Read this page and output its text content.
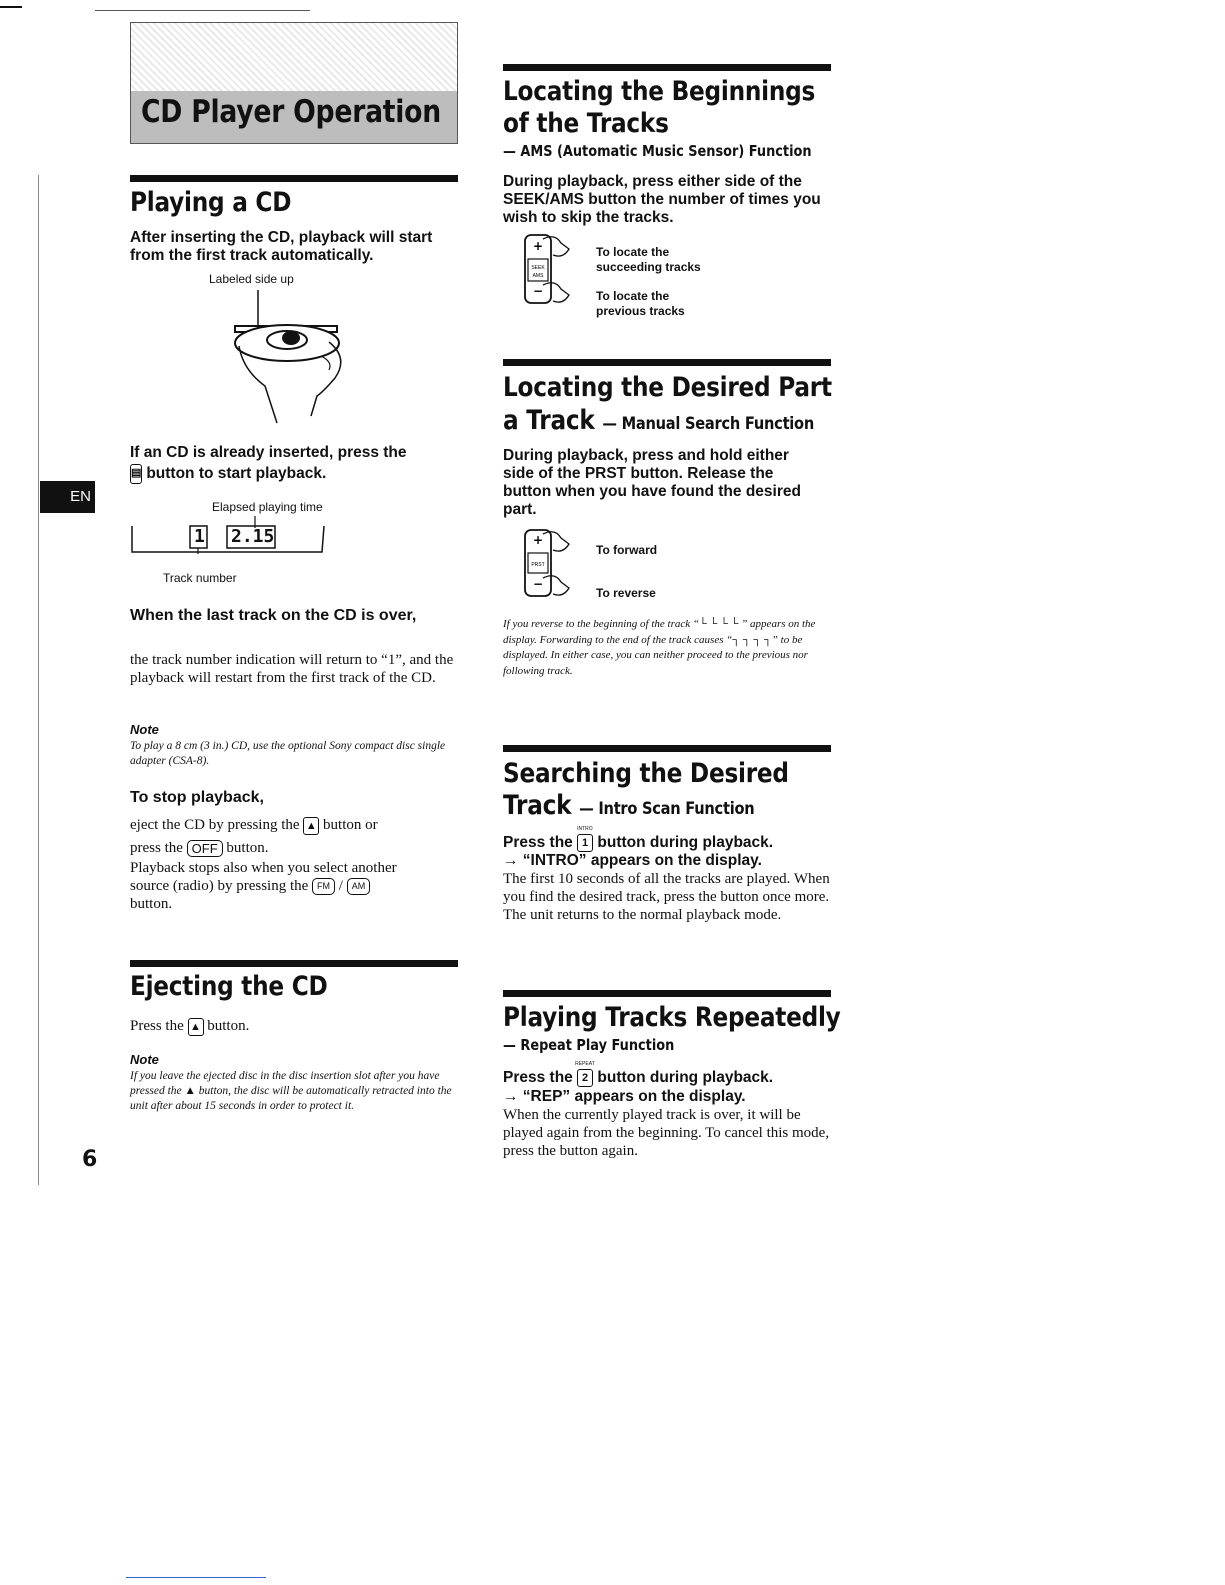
EN
CD Player Operation
Playing a CD
After inserting the CD, playback will start from the first track automatically.
Labeled side up
If an CD is already inserted, press the
▤ button to start playback.
Elapsed playing time
1 2.15
Track number
When the last track on the CD is over,
the track number indication will return to “1”, and the playback will restart from the first track of the CD.
Note
To play a 8 cm (3 in.) CD, use the optional Sony compact disc single adapter (CSA-8).
To stop playback,
eject the CD by pressing the ▲ button or
press the OFF button.
Playback stops also when you select another
source (radio) by pressing the FM / AM
button.
Ejecting the CD
Press the ▲ button.
Note
If you leave the ejected disc in the disc insertion slot after you have pressed the ▲ button, the disc will be automatically retracted into the unit after about 15 seconds in order to protect it.
6
Locating the Beginnings
of the Tracks
— AMS (Automatic Music Sensor) Function
During playback, press either side of the SEEK/AMS button the number of times you wish to skip the tracks.
+
−
SEEK
AMS
To locate the
succeeding tracks
To locate the
previous tracks
Locating the Desired Part
a Track — Manual Search Function
During playback, press and hold either side of the PRST button. Release the button when you have found the desired part.
+
−
PRST
To forward
To reverse
If you reverse to the beginning of the track “└ └ └ └ ” appears on the display. Forwarding to the end of the track causes “┐ ┐ ┐ ┐” to be displayed. In either case, you can neither proceed to the previous nor following track.
Searching the Desired
Track — Intro Scan Function
Press the
INTRO
1 button during playback.
→ “INTRO” appears on the display.
The first 10 seconds of all the tracks are played. When you find the desired track, press the button once more. The unit returns to the normal playback mode.
Playing Tracks Repeatedly
— Repeat Play Function
Press the
REPEAT
2 button during playback.
→ “REP” appears on the display.
When the currently played track is over, it will be played again from the beginning. To cancel this mode, press the button again.
